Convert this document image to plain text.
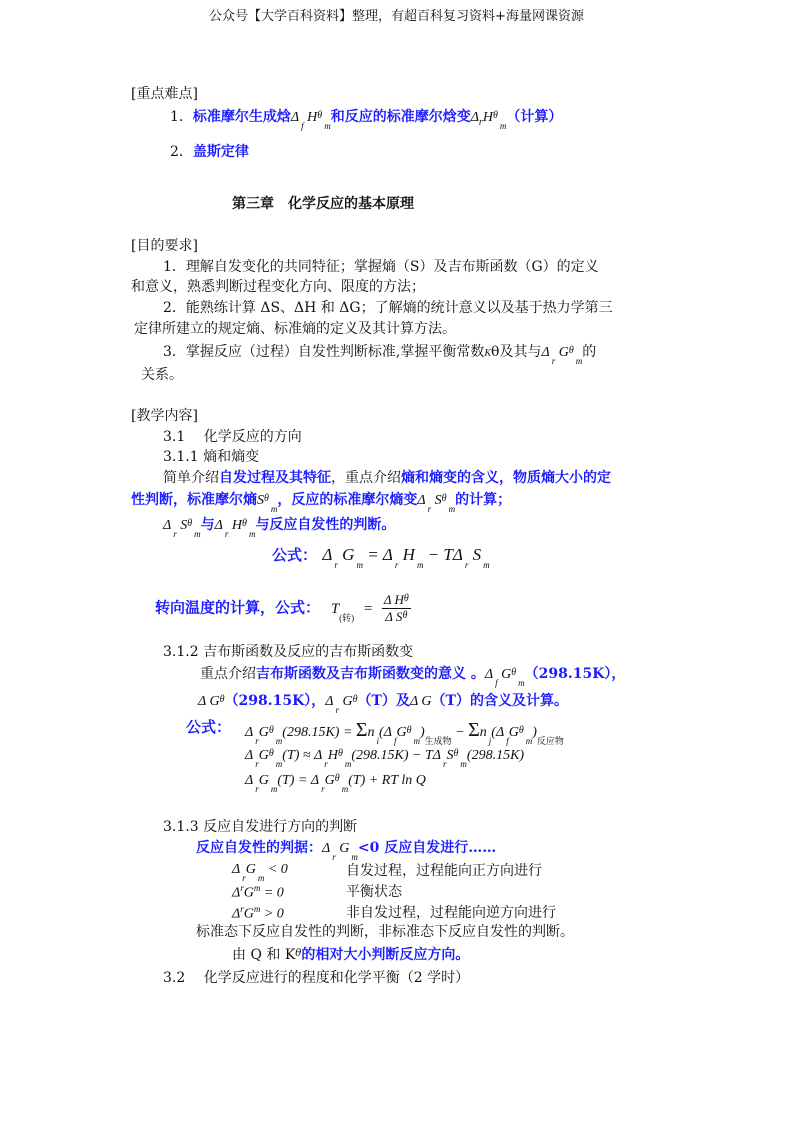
公众号【大学百科资料】整理，有超百科复习资料+海量网课资源
[重点难点]
1．标准摩尔生成焓$\Delta_f$ $H^\theta_m$和反应的标准摩尔焓变$\Delta_rH^\theta_m$（计算）
2．盖斯定律
第三章　化学反应的基本原理
[目的要求]
1．理解自发变化的共同特征；掌握熵（S）及吉布斯函数（G）的定义
和意义，熟悉判断过程变化方向、限度的方法；
2．能熟练计算 ΔS、ΔH 和 ΔG；了解熵的统计意义以及基于热力学第三
定律所建立的规定熵、标准熵的定义及其计算方法。
3．掌握反应（过程）自发性判断标准,掌握平衡常数Kθ及其与$\Delta_r$ $G^\theta_m$的
关系。
[教学内容]
3.1　 化学反应的方向
3.1.1 熵和熵变
简单介绍自发过程及其特征，重点介绍熵和熵变的含义，物质熵大小的定
性判断，标准摩尔熵$S^\theta_m$，反应的标准摩尔熵变$\Delta_r$ $S^\theta_m$的计算；
$\Delta_r$ $S^\theta_m$与$\Delta_r$ $H^\theta_m$与反应自发性的判断。
公式： $\Delta_r$ $G_m = \Delta_r$ $H_m - T\Delta_r$ $S_m$
转向温度的计算，公式： $T_{(转)} = \frac{\Delta H^\theta}{\Delta S^\theta}$
3.1.2 吉布斯函数及反应的吉布斯函数变
重点介绍吉布斯函数及吉布斯函数变的意义 。$\Delta_f$ $G^\theta_m(298.15K)$，
Δ $G^\theta(298.15K)$，$\Delta_r$ $G^\theta(T)$及Δ G（T）的含义及计算。
公式： $\Delta_rG^\theta_m(298.15K) = \Sigma n_i(\Delta_fG^\theta_m)_{生成物} - \Sigma n_j(\Delta_fG^\theta_m)_{反应物}$
$\Delta_rG^\theta_m(T) \approx \Delta_rH^\theta_m(298.15K) - T\Delta_rS^\theta_m(298.15K)$
$\Delta_rG_m(T) = \Delta_rG^\theta_m(T)$ + RT ln Q
3.1.3 反应自发进行方向的判断
反应自发性的判据：$\Delta_r$ $G_m<0$ 反应自发进行……
$\Delta_rG_m < 0$	自发过程，过程能向正方向进行
$\Delta^rG^m = 0$	平衡状态
$\Delta^rG^m > 0$	非自发过程，过程能向逆方向进行
标准态下反应自发性的判断，非标准态下反应自发性的判断。
由 Q 和 $K^\theta$的相对大小判断反应方向。
3.2　 化学反应进行的程度和化学平衡（2 学时）
